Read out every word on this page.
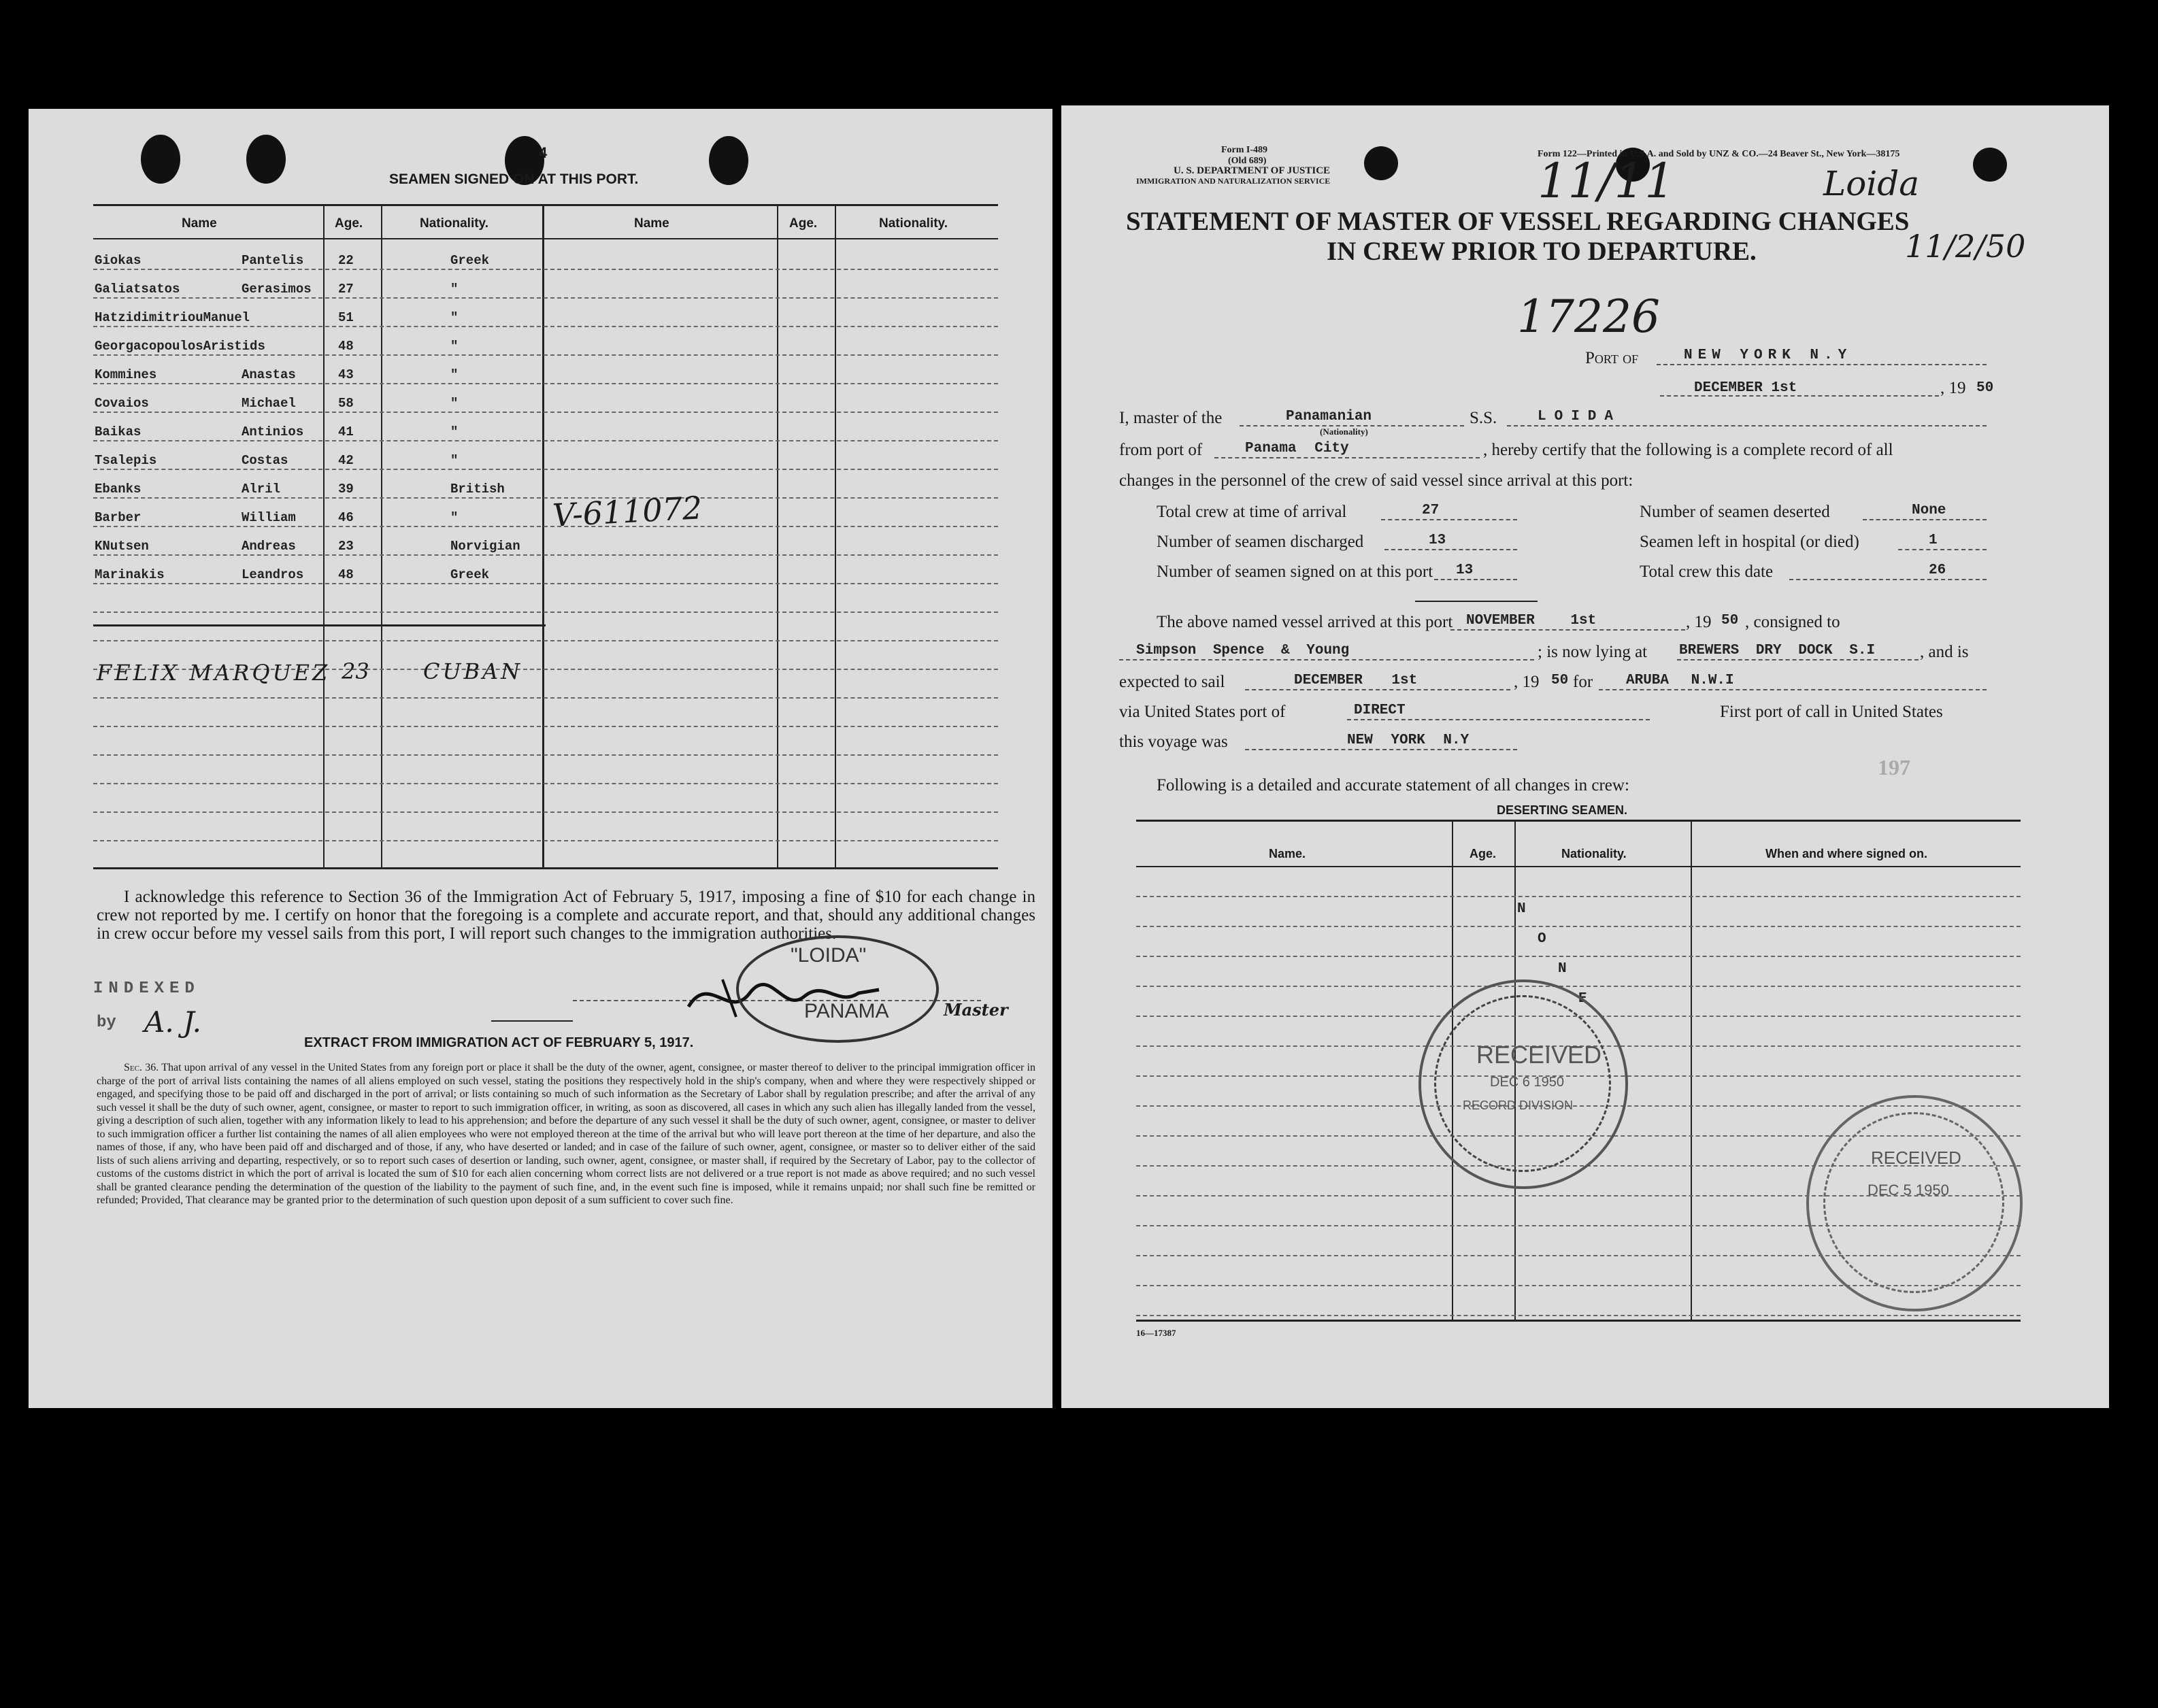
4
SEAMEN SIGNED ON AT THIS PORT.
Name	Age.	Nationality.	Name	Age.	Nationality.
Giokas	Pantelis	22	Greek
Galiatsatos	Gerasimos 27	"
HatzidimitriouManuel	51	"
GeorgacopoulosAristids	48	"
Kommines	Anastas	43	"
Covaios	Michael	58	"
Baikas	Antinios	41	"
Tsalepis	Costas	42	"
Ebanks	Alril	39	British
Barber	William	46	"
KNutsen	Andreas	23	Norvigian
Marinakis	Leandros	48	Greek
FELIX MARQUEZ 23 CUBAN
V-611072
I acknowledge this reference to Section 36 of the Immigration Act of February 5, 1917, imposing a fine of $10 for each change in crew not reported by me. I certify on honor that the foregoing is a complete and accurate report, and that, should any additional changes in crew occur before my vessel sails from this port, I will report such changes to the immigration authorities.
INDEXED
by A. J.
"LOIDA"
PANAMA	Master
EXTRACT FROM IMMIGRATION ACT OF FEBRUARY 5, 1917.
Sec. 36. That upon arrival of any vessel in the United States from any foreign port or place it shall be the duty of the owner, agent, consignee, or master thereof to deliver to the principal immigration officer in charge of the port of arrival lists containing the names of all aliens employed on such vessel, stating the positions they respectively hold in the ship's company, when and where they were respectively shipped or engaged, and specifying those to be paid off and discharged in the port of arrival; or lists containing so much of such information as the Secretary of Labor shall by regulation prescribe; and after the arrival of any such vessel it shall be the duty of such owner, agent, consignee, or master to report to such immigration officer, in writing, as soon as discovered, all cases in which any such alien has illegally landed from the vessel, giving a description of such alien, together with any information likely to lead to his apprehension; and before the departure of any such vessel it shall be the duty of such owner, agent, consignee, or master to deliver to such immigration officer a further list containing the names of all alien employees who were not employed thereon at the time of the arrival but who will leave port thereon at the time of her departure, and also the names of those, if any, who have been paid off and discharged and of those, if any, who have deserted or landed; and in case of the failure of such owner, agent, consignee, or master so to deliver either of the said lists of such aliens arriving and departing, respectively, or so to report such cases of desertion or landing, such owner, agent, consignee, or master shall, if required by the Secretary of Labor, pay to the collector of customs of the customs district in which the port of arrival is located the sum of $10 for each alien concerning whom correct lists are not delivered or a true report is not made as above required; and no such vessel shall be granted clearance pending the determination of the question of the liability to the payment of such fine, and, in the event such fine is imposed, while it remains unpaid; nor shall such fine be remitted or refunded; Provided, That clearance may be granted prior to the determination of such question upon deposit of a sum sufficient to cover such fine.
Form I-489
(Old 689)
U. S. DEPARTMENT OF JUSTICE
IMMIGRATION AND NATURALIZATION SERVICE
Form 122—Printed in U.S.A. and Sold by UNZ & CO.—24 Beaver St., New York—38175
Loida
11/2/50
11/11
STATEMENT OF MASTER OF VESSEL REGARDING CHANGES
IN CREW PRIOR TO DEPARTURE.
17226
Port of	NEW YORK N.Y
DECEMBER 1st	, 19 50
I, master of the	Panamanian
(Nationality)
S.S.	LOIDA
from port of	Panama City	, hereby certify that the following is a complete record of all
changes in the personnel of the crew of said vessel since arrival at this port:
Total crew at time of arrival	27
Number of seamen discharged	13
Number of seamen signed on at this port 13
Number of seamen deserted	None
Seamen left in hospital (or died)	1
Total crew this date	26
The above named vessel arrived at this port NOVEMBER 1st	, 19 50 , consigned to
Simpson Spence & Young	; is now lying at BREWERS DRY DOCK S.I	, and is
expected to sail	DECEMBER 1st	, 19 50 for ARUBA N.W.I
via United States port of	DIRECT	First port of call in United States
this voyage was	NEW YORK N.Y
Following is a detailed and accurate statement of all changes in crew:
DESERTING SEAMEN.
Name.	Age.	Nationality.	When and where signed on.
N
O
N
E
RECEIVED
DEC 6 1950
RECORD DIVISION
RECEIVED
DEC 5 1950
197
16—17387
